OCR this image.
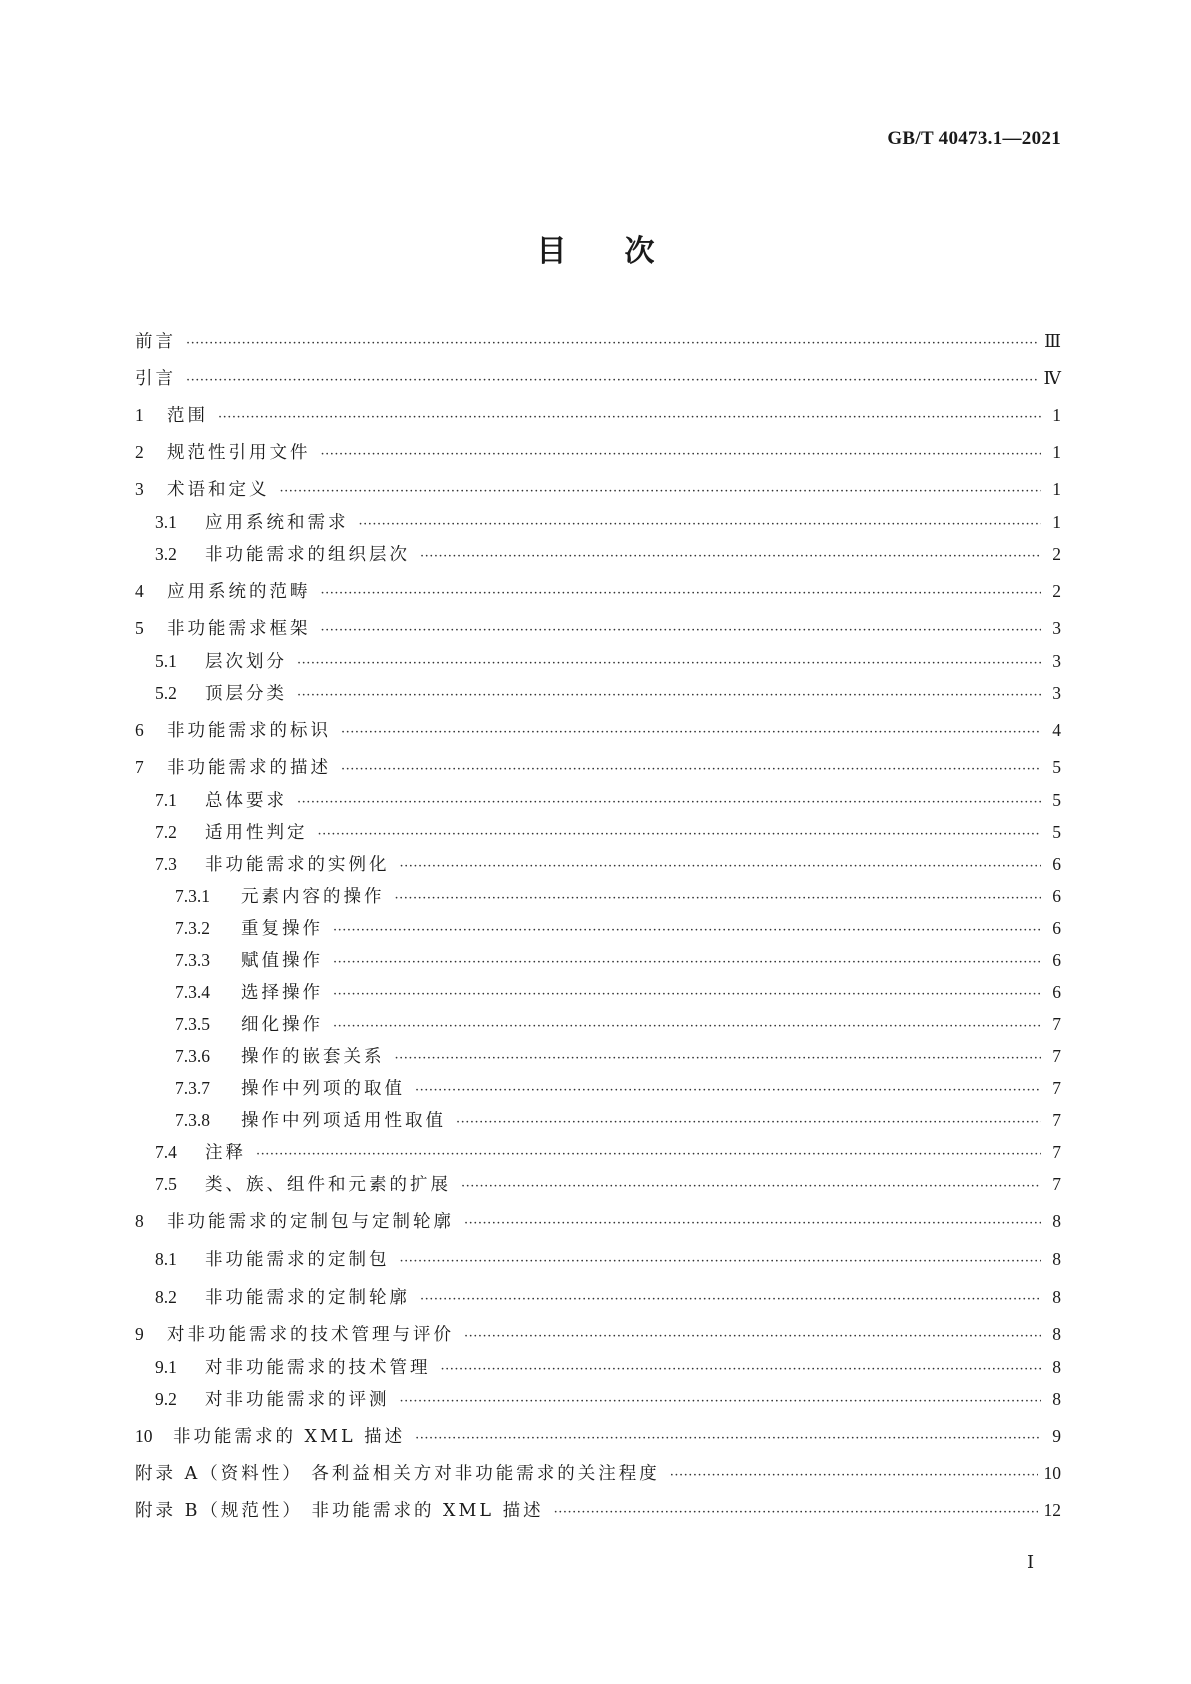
GB/T 40473.1—2021
目次
前言 ·····	Ⅲ
引言 ·····	Ⅳ
1	范围 ·····	1
2	规范性引用文件 ·····	1
3	术语和定义 ·····	1
3.1	应用系统和需求 ·····	1
3.2	非功能需求的组织层次 ·····	2
4	应用系统的范畴 ·····	2
5	非功能需求框架 ·····	3
5.1	层次划分 ·····	3
5.2	顶层分类 ·····	3
6	非功能需求的标识 ·····	4
7	非功能需求的描述 ·····	5
7.1	总体要求 ·····	5
7.2	适用性判定 ·····	5
7.3	非功能需求的实例化 ·····	6
7.3.1	元素内容的操作 ·····	6
7.3.2	重复操作 ·····	6
7.3.3	赋值操作 ·····	6
7.3.4	选择操作 ·····	6
7.3.5	细化操作 ·····	7
7.3.6	操作的嵌套关系 ·····	7
7.3.7	操作中列项的取值 ·····	7
7.3.8	操作中列项适用性取值 ·····	7
7.4	注释 ·····	7
7.5	类、族、组件和元素的扩展 ·····	7
8	非功能需求的定制包与定制轮廓 ·····	8
8.1	非功能需求的定制包 ·····	8
8.2	非功能需求的定制轮廓 ·····	8
9	对非功能需求的技术管理与评价 ·····	8
9.1	对非功能需求的技术管理 ·····	8
9.2	对非功能需求的评测 ·····	8
10	非功能需求的 XML 描述 ·····	9
附录 A（资料性） 各利益相关方对非功能需求的关注程度 ·····	10
附录 B（规范性） 非功能需求的 XML 描述 ·····	12
Ⅰ
